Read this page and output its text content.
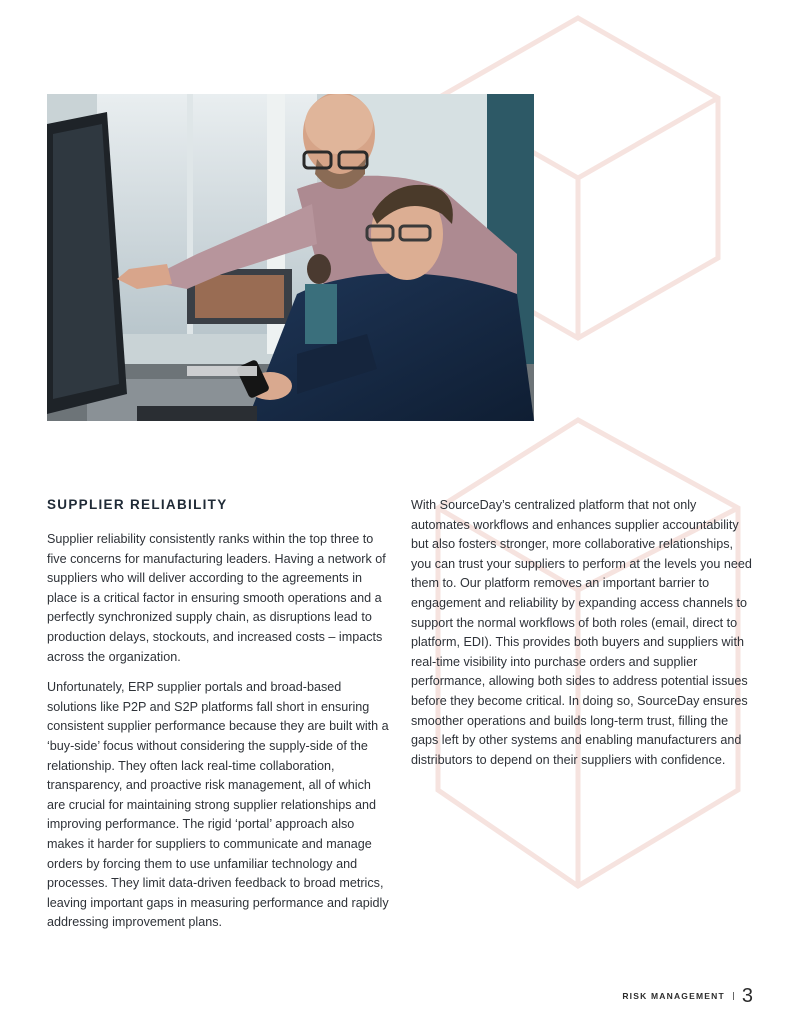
SUPPLIER RELIABILITY

Supplier reliability consistently ranks within the top three to five concerns for manufacturing leaders. Having a network of suppliers who will deliver according to the agreements in place is a critical factor in ensuring smooth operations and a perfectly synchronized supply chain, as disruptions lead to production delays, stockouts, and increased costs – impacts across the organization.

Unfortunately, ERP supplier portals and broad-based solutions like P2P and S2P platforms fall short in ensuring consistent supplier performance because they are built with a ‘buy-side’ focus without considering the supply-side of the relationship. They often lack real-time collaboration, transparency, and proactive risk management, all of which are crucial for maintaining strong supplier relationships and improving performance. The rigid ‘portal’ approach also makes it harder for suppliers to communicate and manage orders by forcing them to use unfamiliar technology and processes. They limit data-driven feedback to broad metrics, leaving important gaps in measuring performance and rapidly addressing improvement plans.

With SourceDay’s centralized platform that not only automates workflows and enhances supplier accountability but also fosters stronger, more collaborative relationships, you can trust your suppliers to perform at the levels you need them to. Our platform removes an important barrier to engagement and reliability by expanding access channels to support the normal workflows of both roles (email, direct to platform, EDI). This provides both buyers and suppliers with real-time visibility into purchase orders and supplier performance, allowing both sides to address potential issues before they become critical. In doing so, SourceDay ensures smoother operations and builds long-term trust, filling the gaps left by other systems and enabling manufacturers and distributors to depend on their suppliers with confidence.

RISK MANAGEMENT 3
